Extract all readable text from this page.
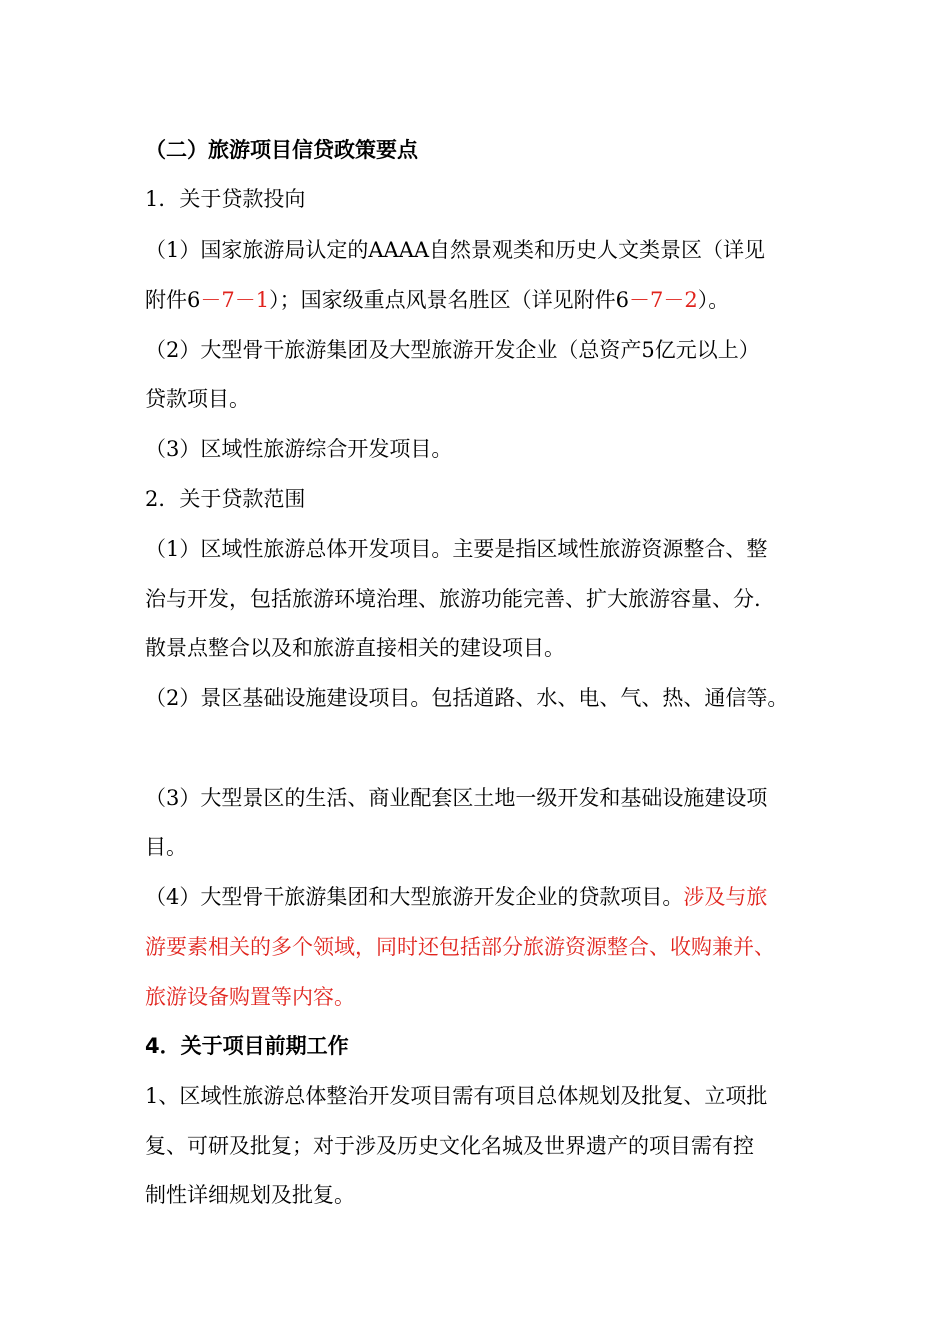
（二）旅游项目信贷政策要点
1．关于贷款投向
（1）国家旅游局认定的AAAA自然景观类和历史人文类景区（详见
附件6－7－1）；国家级重点风景名胜区（详见附件6－7－2）。
（2）大型骨干旅游集团及大型旅游开发企业（总资产5亿元以上）
贷款项目。
（3）区域性旅游综合开发项目。
2．关于贷款范围
（1）区域性旅游总体开发项目。主要是指区域性旅游资源整合、整
治与开发，包括旅游环境治理、旅游功能完善、扩大旅游容量、分.
散景点整合以及和旅游直接相关的建设项目。
（2）景区基础设施建设项目。包括道路、水、电、气、热、通信等。
（3）大型景区的生活、商业配套区土地一级开发和基础设施建设项
目。
（4）大型骨干旅游集团和大型旅游开发企业的贷款项目。涉及与旅
游要素相关的多个领域，同时还包括部分旅游资源整合、收购兼并、
旅游设备购置等内容。
4．关于项目前期工作
1、区域性旅游总体整治开发项目需有项目总体规划及批复、立项批
复、可研及批复；对于涉及历史文化名城及世界遗产的项目需有控
制性详细规划及批复。
